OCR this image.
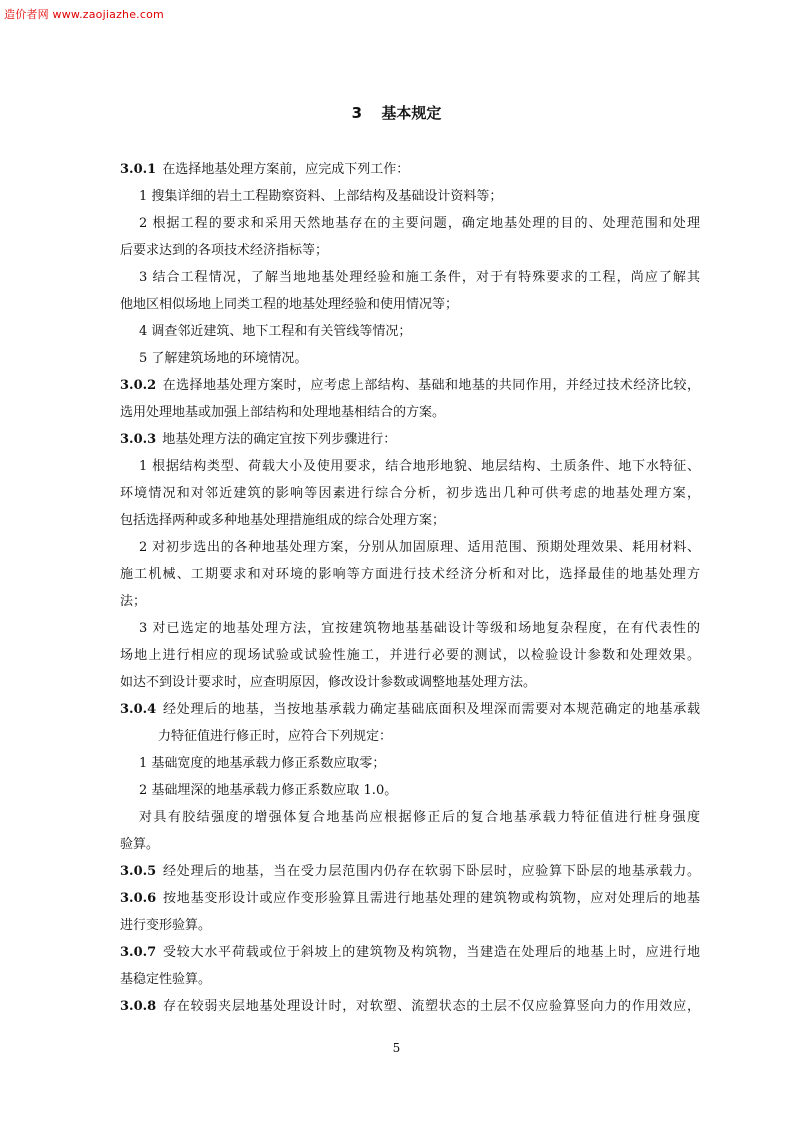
造价者网 www.zaojiazhe.com
3 基本规定
3.0.1 在选择地基处理方案前，应完成下列工作：
1 搜集详细的岩土工程勘察资料、上部结构及基础设计资料等；
2 根据工程的要求和采用天然地基存在的主要问题，确定地基处理的目的、处理范围和处理
后要求达到的各项技术经济指标等；
3 结合工程情况，了解当地地基处理经验和施工条件，对于有特殊要求的工程，尚应了解其
他地区相似场地上同类工程的地基处理经验和使用情况等；
4 调查邻近建筑、地下工程和有关管线等情况；
5 了解建筑场地的环境情况。
3.0.2 在选择地基处理方案时，应考虑上部结构、基础和地基的共同作用，并经过技术经济比较，
选用处理地基或加强上部结构和处理地基相结合的方案。
3.0.3 地基处理方法的确定宜按下列步骤进行：
1 根据结构类型、荷载大小及使用要求，结合地形地貌、地层结构、土质条件、地下水特征、
环境情况和对邻近建筑的影响等因素进行综合分析，初步选出几种可供考虑的地基处理方案，
包括选择两种或多种地基处理措施组成的综合处理方案；
2 对初步选出的各种地基处理方案，分别从加固原理、适用范围、预期处理效果、耗用材料、
施工机械、工期要求和对环境的影响等方面进行技术经济分析和对比，选择最佳的地基处理方
法；
3 对已选定的地基处理方法，宜按建筑物地基基础设计等级和场地复杂程度，在有代表性的
场地上进行相应的现场试验或试验性施工，并进行必要的测试，以检验设计参数和处理效果。
如达不到设计要求时，应查明原因，修改设计参数或调整地基处理方法。
3.0.4 经处理后的地基，当按地基承载力确定基础底面积及埋深而需要对本规范确定的地基承载
力特征值进行修正时，应符合下列规定：
1 基础宽度的地基承载力修正系数应取零；
2 基础埋深的地基承载力修正系数应取 1.0。
对具有胶结强度的增强体复合地基尚应根据修正后的复合地基承载力特征值进行桩身强度
验算。
3.0.5 经处理后的地基，当在受力层范围内仍存在软弱下卧层时，应验算下卧层的地基承载力。
3.0.6 按地基变形设计或应作变形验算且需进行地基处理的建筑物或构筑物，应对处理后的地基
进行变形验算。
3.0.7 受较大水平荷载或位于斜坡上的建筑物及构筑物，当建造在处理后的地基上时，应进行地
基稳定性验算。
3.0.8 存在较弱夹层地基处理设计时，对软塑、流塑状态的土层不仅应验算竖向力的作用效应，
5
